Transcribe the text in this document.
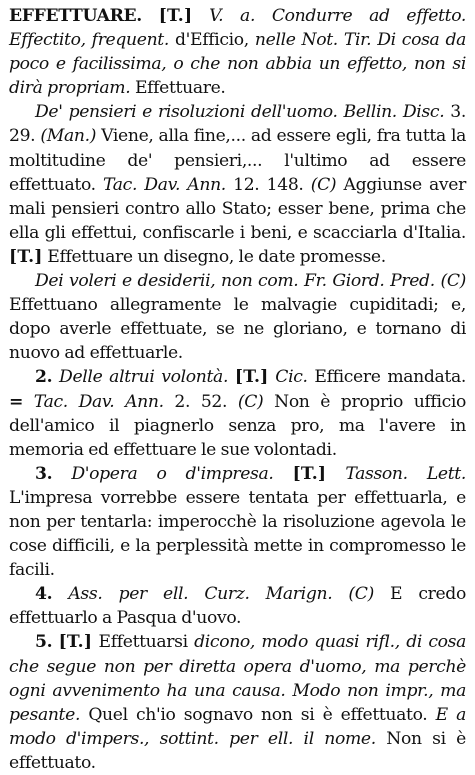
EFFETTUARE. [T.] V. a. Condurre ad effetto. Effectito, frequent. d'Efficio, nelle Not. Tir. Di cosa da poco e facilissima, o che non abbia un effetto, non si dirà propriam. Effettuare.

De' pensieri e risoluzioni dell'uomo. Bellin. Disc. 3. 29. (Man.) Viene, alla fine,... ad essere egli, fra tutta la moltitudine de' pensieri,... l'ultimo ad essere effettuato. Tac. Dav. Ann. 12. 148. (C) Aggiunse aver mali pensieri contro allo Stato; esser bene, prima che ella gli effettui, confiscarle i beni, e scacciarla d'Italia. [T.] Effettuare un disegno, le date promesse.

Dei voleri e desiderii, non com. Fr. Giord. Pred. (C) Effettuano allegramente le malvagie cupiditadi; e, dopo averle effettuate, se ne gloriano, e tornano di nuovo ad effettuarle.

2. Delle altrui volontà. [T.] Cic. Efficere mandata. = Tac. Dav. Ann. 2. 52. (C) Non è proprio ufficio dell'amico il piagnerlo senza pro, ma l'avere in memoria ed effettuare le sue volontadi.

3. D'opera o d'impresa. [T.] Tasson. Lett. L'impresa vorrebbe essere tentata per effettuarla, e non per tentarla: imperocchè la risoluzione agevola le cose difficili, e la perplessità mette in compromesso le facili.

4. Ass. per ell. Curz. Marign. (C) E credo effettuarlo a Pasqua d'uovo.

5. [T.] Effettuarsi dicono, modo quasi rifl., di cosa che segue non per diretta opera d'uomo, ma perchè ogni avvenimento ha una causa. Modo non impr., ma pesante. Quel ch'io sognavo non si è effettuato. E a modo d'impers., sottint. per ell. il nome. Non si è effettuato.
